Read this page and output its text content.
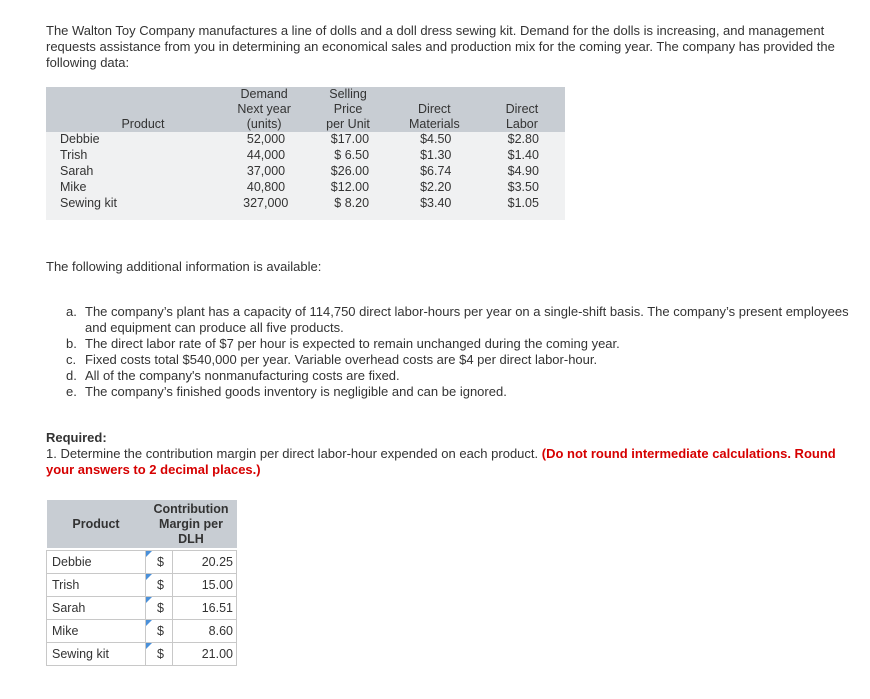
The Walton Toy Company manufactures a line of dolls and a doll dress sewing kit. Demand for the dolls is increasing, and management requests assistance from you in determining an economical sales and production mix for the coming year. The company has provided the following data:

Product	Demand
Next year
(units)	Selling
Price
per Unit	Direct
Materials	Direct
Labor
Debbie	52,000	$17.00	$4.50	$2.80
Trish	44,000	$ 6.50	$1.30	$1.40
Sarah	37,000	$26.00	$6.74	$4.90
Mike	40,800	$12.00	$2.20	$3.50
Sewing kit	327,000	$ 8.20	$3.40	$1.05

The following additional information is available:

a. The company’s plant has a capacity of 114,750 direct labor-hours per year on a single-shift basis. The company’s present employees and equipment can produce all five products.
b. The direct labor rate of $7 per hour is expected to remain unchanged during the coming year.
c. Fixed costs total $540,000 per year. Variable overhead costs are $4 per direct labor-hour.
d. All of the company's nonmanufacturing costs are fixed.
e. The company’s finished goods inventory is negligible and can be ignored.

Required:
1. Determine the contribution margin per direct labor-hour expended on each product. (Do not round intermediate calculations. Round your answers to 2 decimal places.)

Product	Contribution
Margin per
DLH

Debbie	$ 20.25

Trish	$ 15.00

Sarah	$ 16.51

Mike	$ 8.60

Sewing kit	$ 21.00
